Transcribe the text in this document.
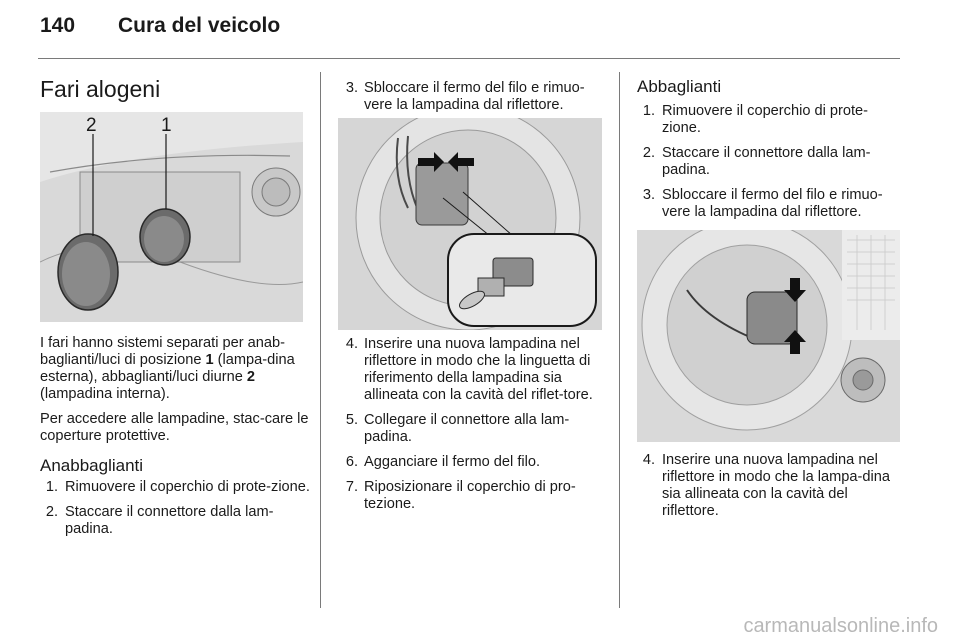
140 Cura del veicolo
Fari alogeni
2	1

I fari hanno sistemi separati per anab-baglianti/luci di posizione 1 (lampa-dina esterna), abbaglianti/luci diurne 2 (lampadina interna).

Per accedere alle lampadine, stac-care le coperture protettive.

Anabbaglianti
1. Rimuovere il coperchio di prote-zione.
2. Staccare il connettore dalla lam-padina.
3. Sbloccare il fermo del filo e rimuo-vere la lampadina dal riflettore.
4. Inserire una nuova lampadina nel riflettore in modo che la linguetta di riferimento della lampadina sia allineata con la cavità del riflet-tore.
5. Collegare il connettore alla lam-padina.
6. Agganciare il fermo del filo.
7. Riposizionare il coperchio di pro-tezione.
Abbaglianti
1. Rimuovere il coperchio di prote-zione.
2. Staccare il connettore dalla lam-padina.
3. Sbloccare il fermo del filo e rimuo-vere la lampadina dal riflettore.
4. Inserire una nuova lampadina nel riflettore in modo che la lampa-dina sia allineata con la cavità del riflettore.
carmanualsonline.info
